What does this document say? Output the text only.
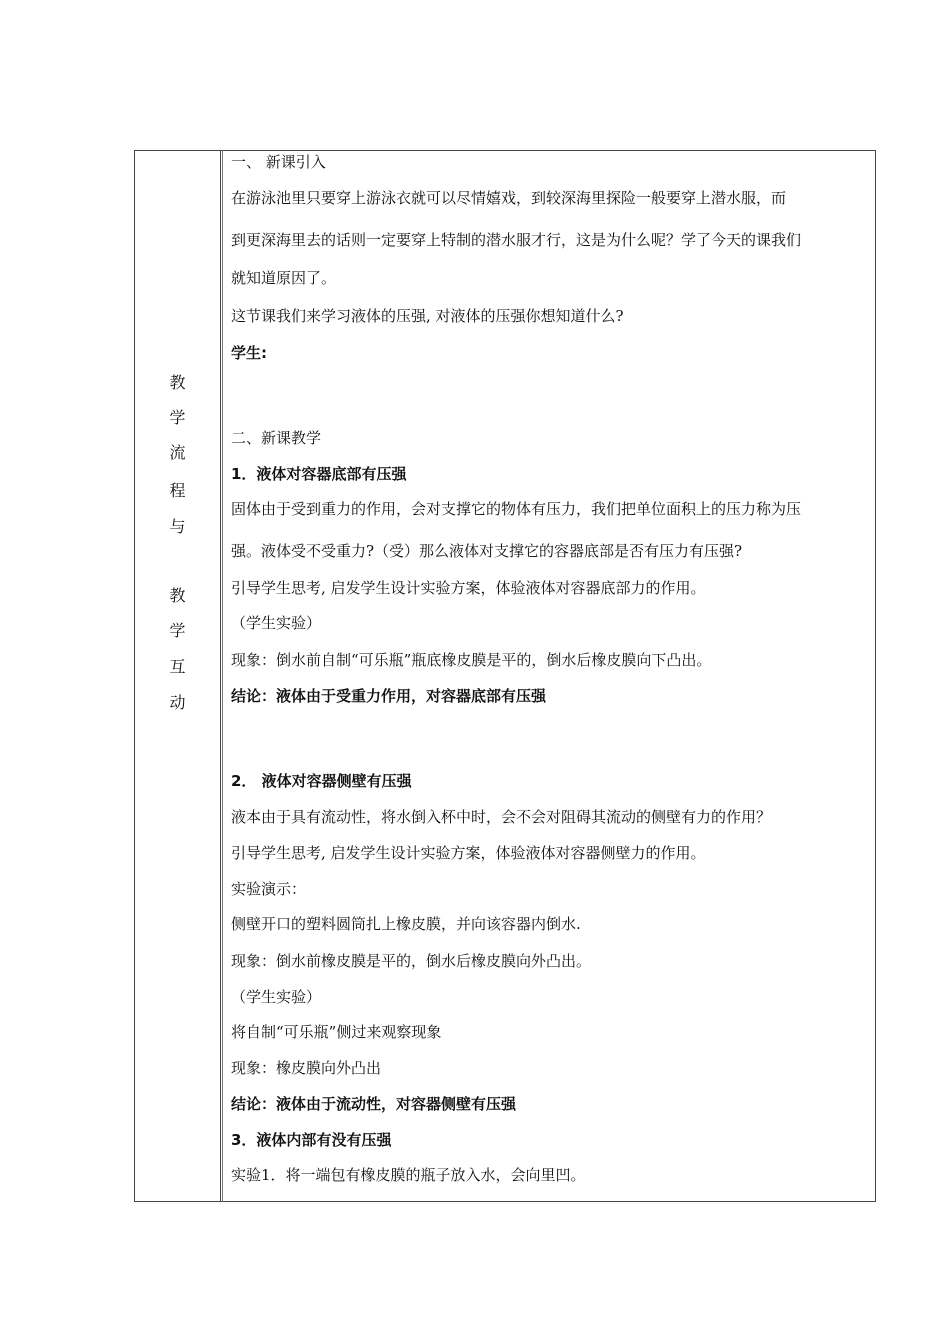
教
学
流
程
与
教
学
互
动
一、 新课引入
在游泳池里只要穿上游泳衣就可以尽情嬉戏，到较深海里探险一般要穿上潜水服，而
到更深海里去的话则一定要穿上特制的潜水服才行，这是为什么呢？学了今天的课我们
就知道原因了。
这节课我们来学习液体的压强, 对液体的压强你想知道什么?
学生:
二、新课教学
1．液体对容器底部有压强
固体由于受到重力的作用，会对支撑它的物体有压力，我们把单位面积上的压力称为压
强。液体受不受重力?（受）那么液体对支撑它的容器底部是否有压力有压强?
引导学生思考, 启发学生设计实验方案，体验液体对容器底部力的作用。
（学生实验）
现象：倒水前自制“可乐瓶”瓶底橡皮膜是平的，倒水后橡皮膜向下凸出。
结论：液体由于受重力作用，对容器底部有压强
2． 液体对容器侧壁有压强
液本由于具有流动性，将水倒入杯中时，会不会对阻碍其流动的侧壁有力的作用？
引导学生思考, 启发学生设计实验方案，体验液体对容器侧壁力的作用。
实验演示：
侧壁开口的塑料圆筒扎上橡皮膜，并向该容器内倒水.
现象：倒水前橡皮膜是平的，倒水后橡皮膜向外凸出。
（学生实验）
将自制“可乐瓶”侧过来观察现象
现象：橡皮膜向外凸出
结论：液体由于流动性，对容器侧壁有压强
3．液体内部有没有压强
实验1．将一端包有橡皮膜的瓶子放入水，会向里凹。
